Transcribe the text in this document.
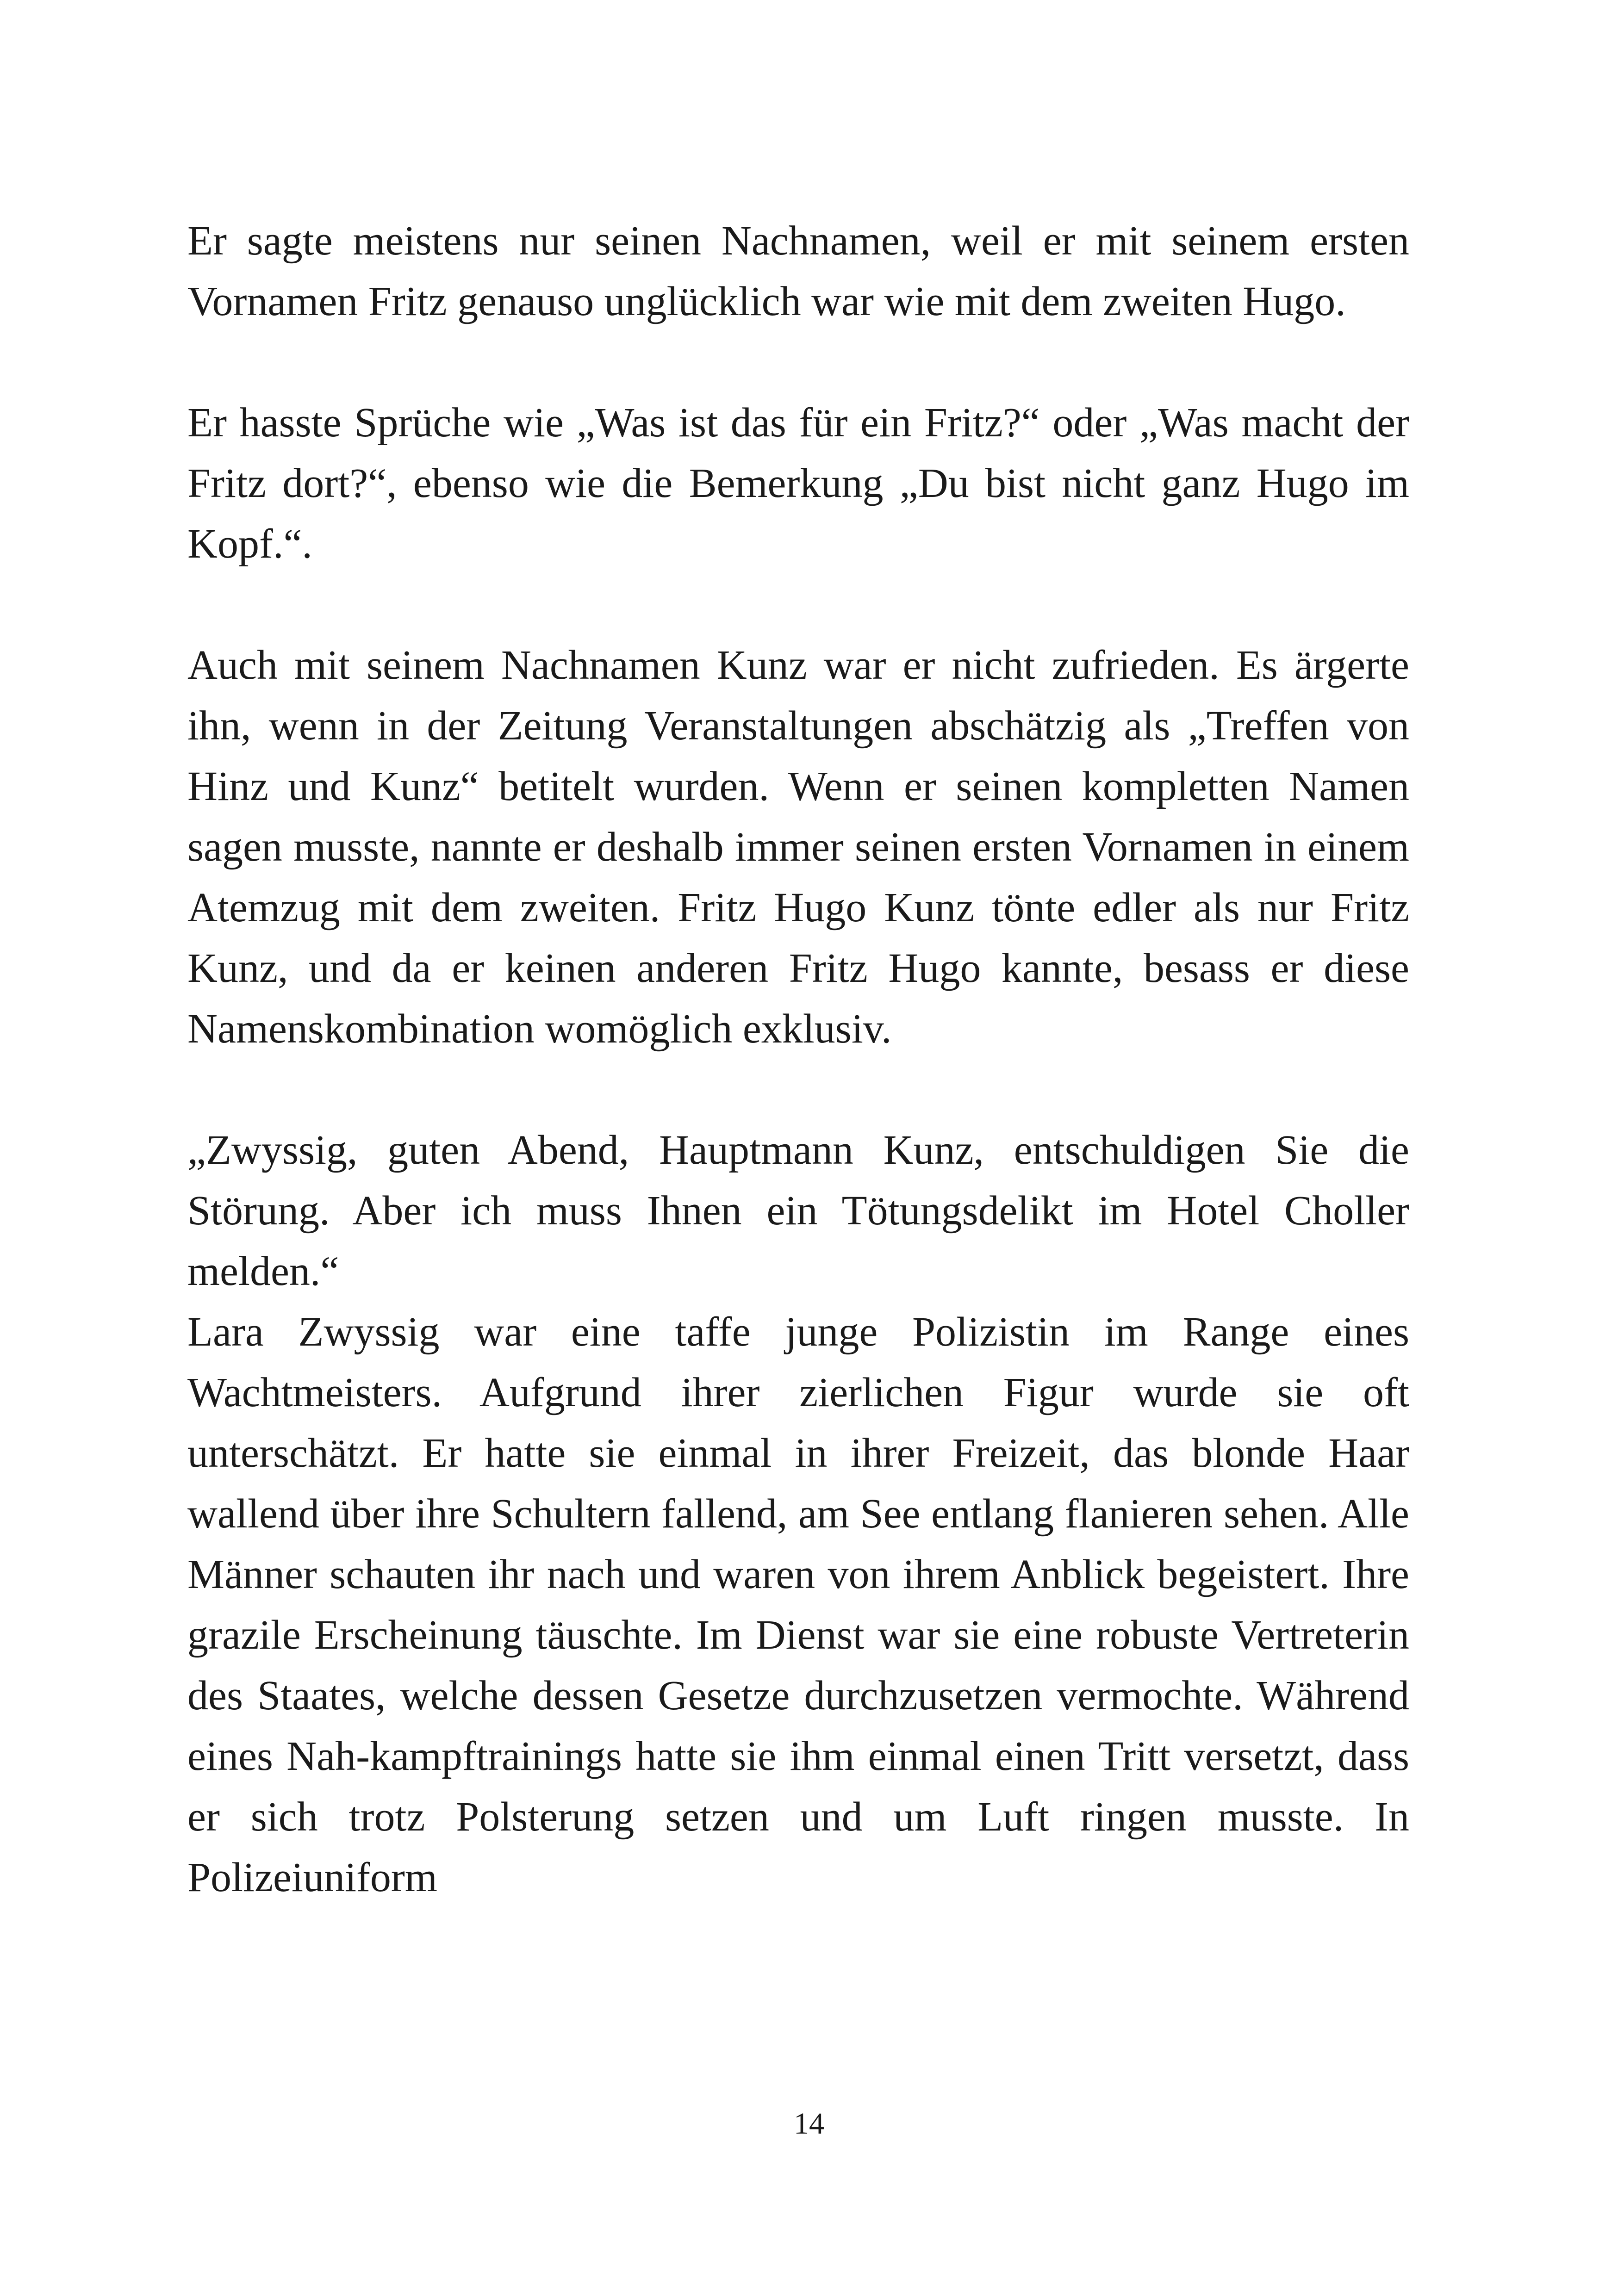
Er sagte meistens nur seinen Nachnamen, weil er mit seinem ersten Vornamen Fritz genauso unglücklich war wie mit dem zweiten Hugo.

Er hasste Sprüche wie „Was ist das für ein Fritz?“ oder „Was macht der Fritz dort?“, ebenso wie die Bemerkung „Du bist nicht ganz Hugo im Kopf.“.

Auch mit seinem Nachnamen Kunz war er nicht zufrieden. Es ärgerte ihn, wenn in der Zeitung Veranstaltungen abschätzig als „Treffen von Hinz und Kunz“ betitelt wurden. Wenn er seinen kompletten Namen sagen musste, nannte er deshalb immer seinen ersten Vornamen in einem Atemzug mit dem zweiten. Fritz Hugo Kunz tönte edler als nur Fritz Kunz, und da er keinen anderen Fritz Hugo kannte, besass er diese Namenskombination womöglich exklusiv.

„Zwyssig, guten Abend, Hauptmann Kunz, entschuldigen Sie die Störung. Aber ich muss Ihnen ein Tötungsdelikt im Hotel Choller melden.“

Lara Zwyssig war eine taffe junge Polizistin im Range eines Wachtmeisters. Aufgrund ihrer zierlichen Figur wurde sie oft unterschätzt. Er hatte sie einmal in ihrer Freizeit, das blonde Haar wallend über ihre Schultern fallend, am See entlang flanieren sehen. Alle Männer schauten ihr nach und waren von ihrem Anblick begeistert. Ihre grazile Erscheinung täuschte. Im Dienst war sie eine robuste Vertreterin des Staates, welche dessen Gesetze durchzusetzen vermochte. Während eines Nah-kampftrainings hatte sie ihm einmal einen Tritt versetzt, dass er sich trotz Polsterung setzen und um Luft ringen musste. In Polizeiuniform

14
